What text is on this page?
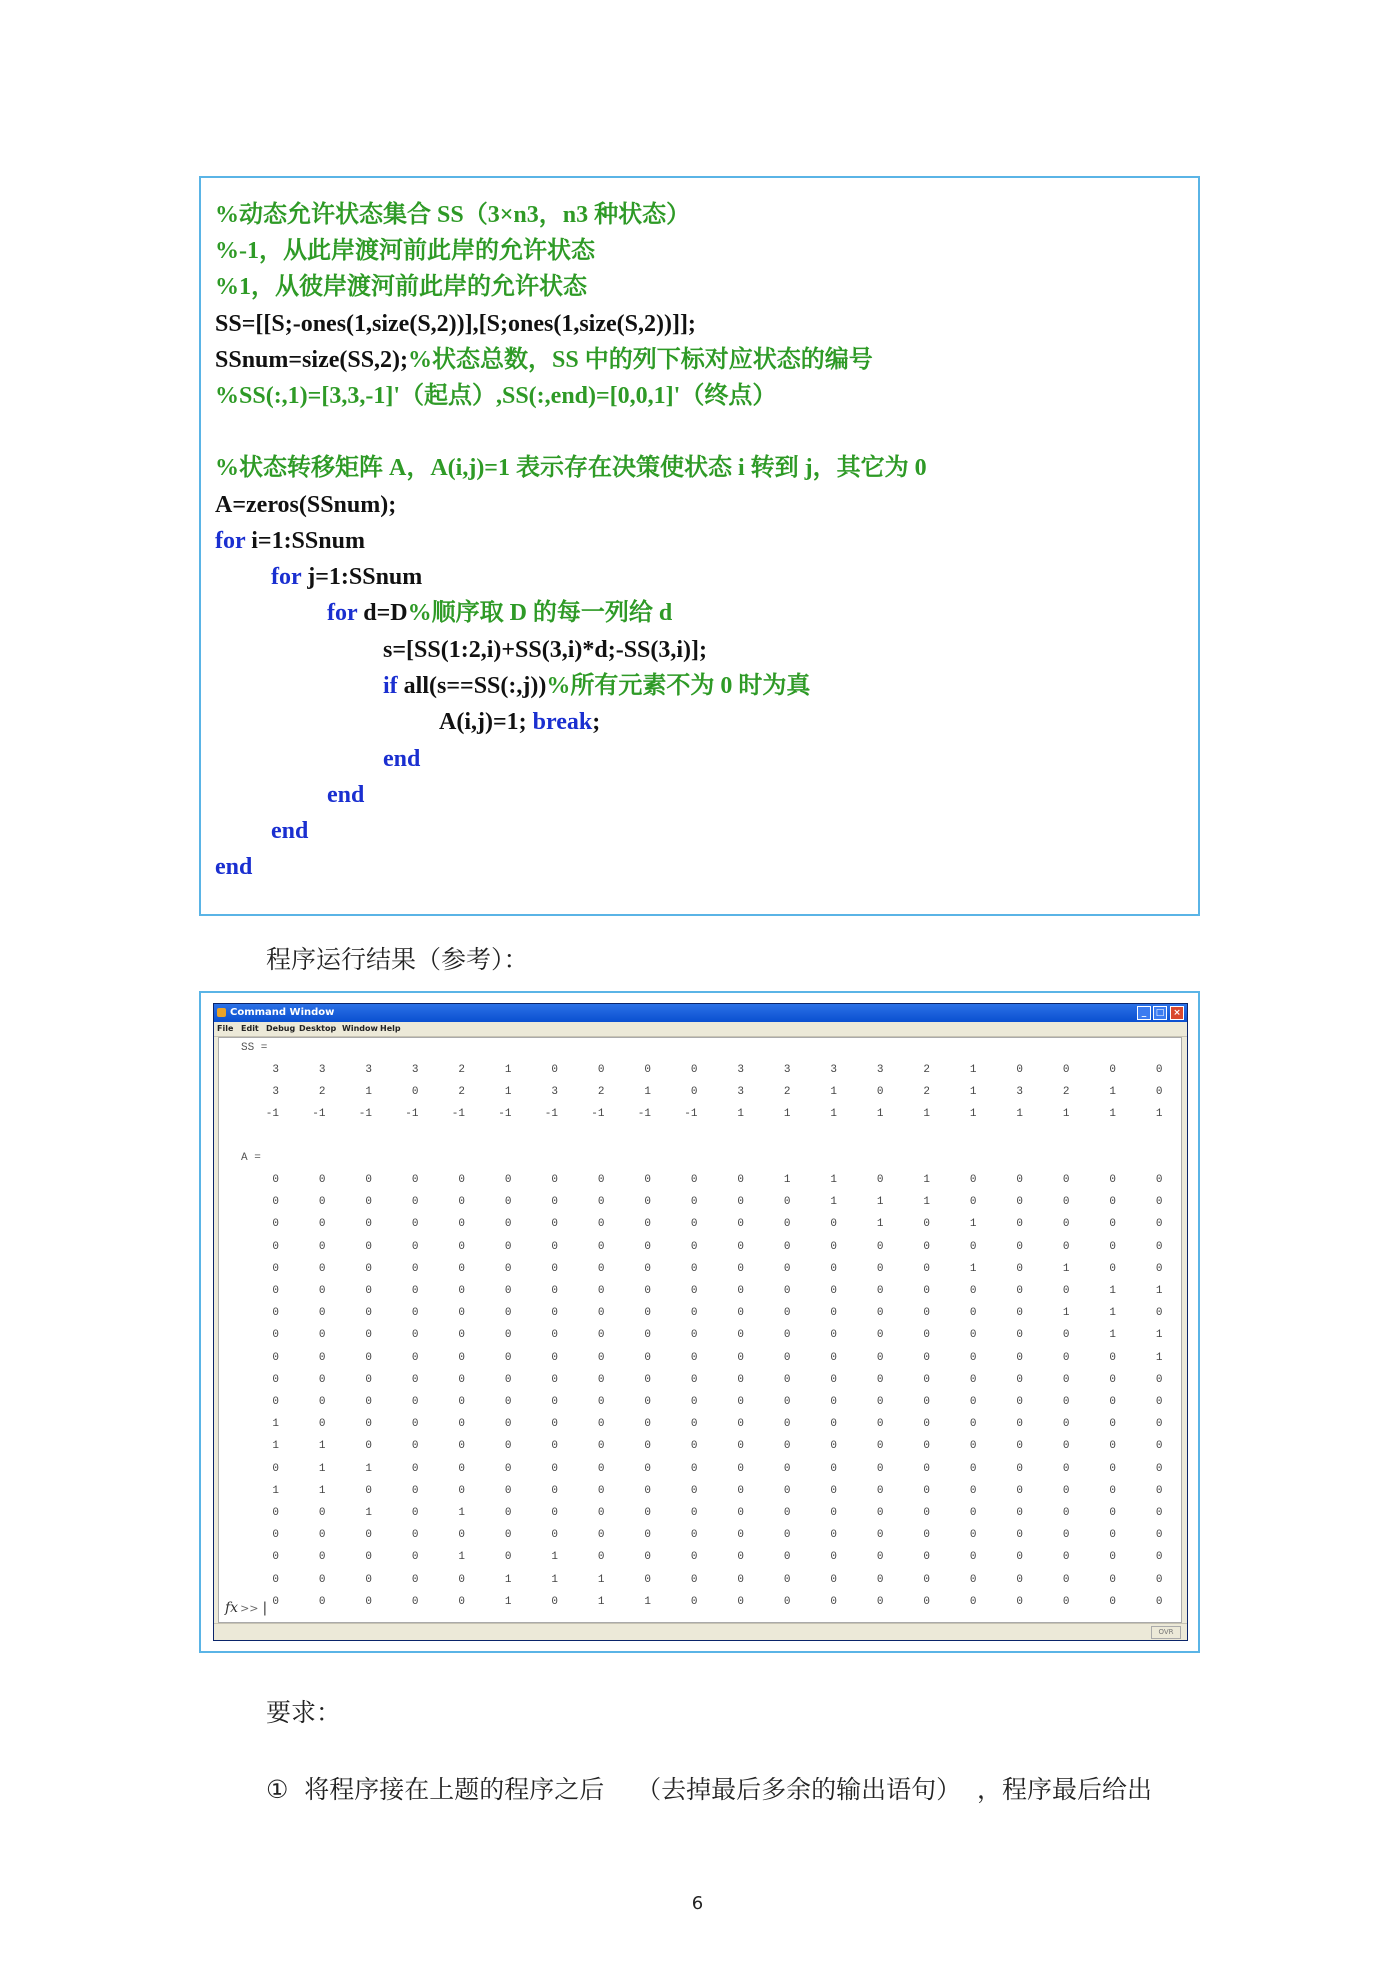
%动态允许状态集合 SS（3×n3，n3 种状态）
%-1，从此岸渡河前此岸的允许状态
%1，从彼岸渡河前此岸的允许状态
SS=[[S;-ones(1,size(S,2))],[S;ones(1,size(S,2))]];
SSnum=size(SS,2);%状态总数，SS 中的列下标对应状态的编号
%SS(:,1)=[3,3,-1]'（起点）,SS(:,end)=[0,0,1]'（终点）
%状态转移矩阵 A，A(i,j)=1 表示存在决策使状态 i 转到 j，其它为 0
A=zeros(SSnum);
for i=1:SSnum
for j=1:SSnum
for d=D%顺序取 D 的每一列给 d
s=[SS(1:2,i)+SS(3,i)*d;-SS(3,i)];
if all(s==SS(:,j))%所有元素不为 0 时为真
A(i,j)=1; break;
end
end
end
end
程序运行结果（参考）：
Command Window	_	□ ×
File Edit Debug Desktop Window Help
SS =
A =
3	3	3	3	2	1	0	0	0	0	3	3	3	3	2	1	0	0	0	0
3	2	1	0	2	1	3	2	1	0	3	2	1	0	2	1	3	2	1	0
-1	-1	-1	-1	-1	-1	-1	-1	-1	-1	1	1	1	1	1	1	1	1	1	1
0	0	0	0	0	0	0	0	0	0	0	1	1	0	1	0	0	0	0	0
0	0	0	0	0	0	0	0	0	0	0	0	1	1	1	0	0	0	0	0
0	0	0	0	0	0	0	0	0	0	0	0	0	1	0	1	0	0	0	0
0	0	0	0	0	0	0	0	0	0	0	0	0	0	0	0	0	0	0	0
0	0	0	0	0	0	0	0	0	0	0	0	0	0	0	1	0	1	0	0
0	0	0	0	0	0	0	0	0	0	0	0	0	0	0	0	0	0	1	1
0	0	0	0	0	0	0	0	0	0	0	0	0	0	0	0	0	1	1	0
0	0	0	0	0	0	0	0	0	0	0	0	0	0	0	0	0	0	1	1
0	0	0	0	0	0	0	0	0	0	0	0	0	0	0	0	0	0	0	1
0	0	0	0	0	0	0	0	0	0	0	0	0	0	0	0	0	0	0	0
0	0	0	0	0	0	0	0	0	0	0	0	0	0	0	0	0	0	0	0
1	0	0	0	0	0	0	0	0	0	0	0	0	0	0	0	0	0	0	0
1	1	0	0	0	0	0	0	0	0	0	0	0	0	0	0	0	0	0	0
0	1	1	0	0	0	0	0	0	0	0	0	0	0	0	0	0	0	0	0
1	1	0	0	0	0	0	0	0	0	0	0	0	0	0	0	0	0	0	0
0	0	1	0	1	0	0	0	0	0	0	0	0	0	0	0	0	0	0	0
0	0	0	0	0	0	0	0	0	0	0	0	0	0	0	0	0	0	0	0
0	0	0	0	1	0	1	0	0	0	0	0	0	0	0	0	0	0	0	0
0	0	0	0	0	1	1	1	0	0	0	0	0	0	0	0	0	0	0	0
0	0	0	0	0	1	0	1	1	0	0	0	0	0	0	0	0	0	0	0
fx >> |
OVR
要求：
①  将程序接在上题的程序之后    （去掉最后多余的输出语句）  ，程序最后给出
6
